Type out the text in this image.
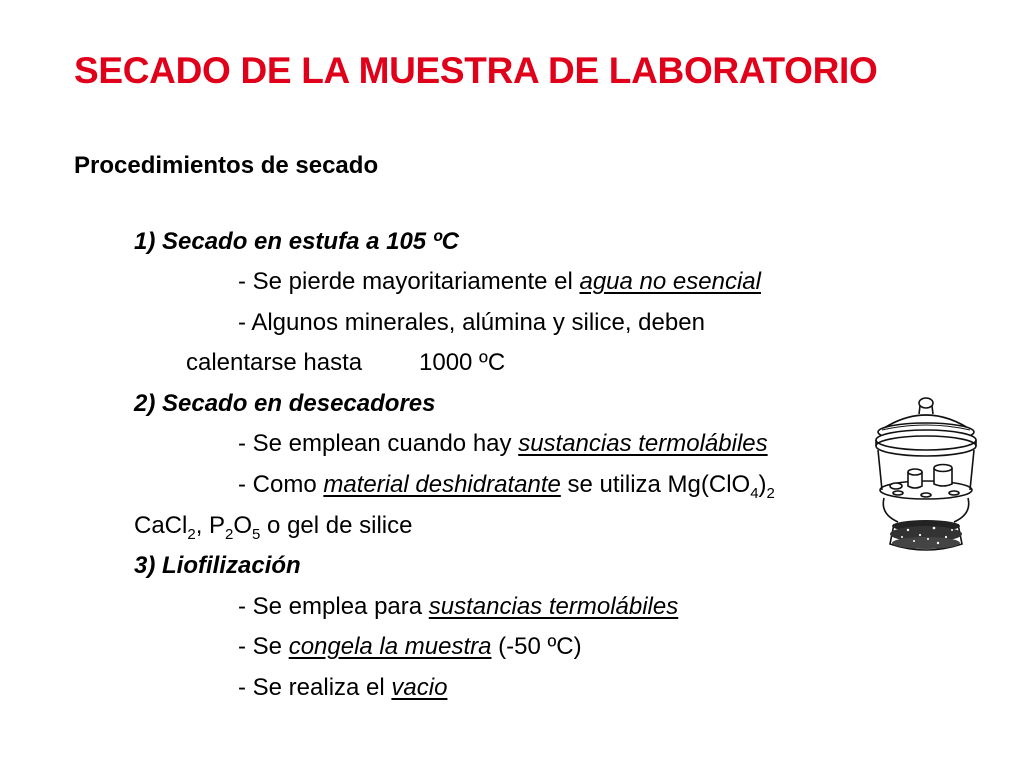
SECADO DE LA MUESTRA DE LABORATORIO
Procedimientos de secado
1) Secado en estufa a 105 ºC
- Se pierde mayoritariamente el agua no esencial
- Algunos minerales, alúmina y silice, deben
calentarse hasta 1000 ºC
2) Secado en desecadores
- Se emplean cuando hay sustancias termolábiles
- Como material deshidratante se utiliza $Mg(ClO_4)_2$
CaCl$_2$, $P_2O_5$ o gel de silice
3) Liofilización
- Se emplea para sustancias termolábiles
- Se congela la muestra (-50 ºC)
- Se realiza el vacio
